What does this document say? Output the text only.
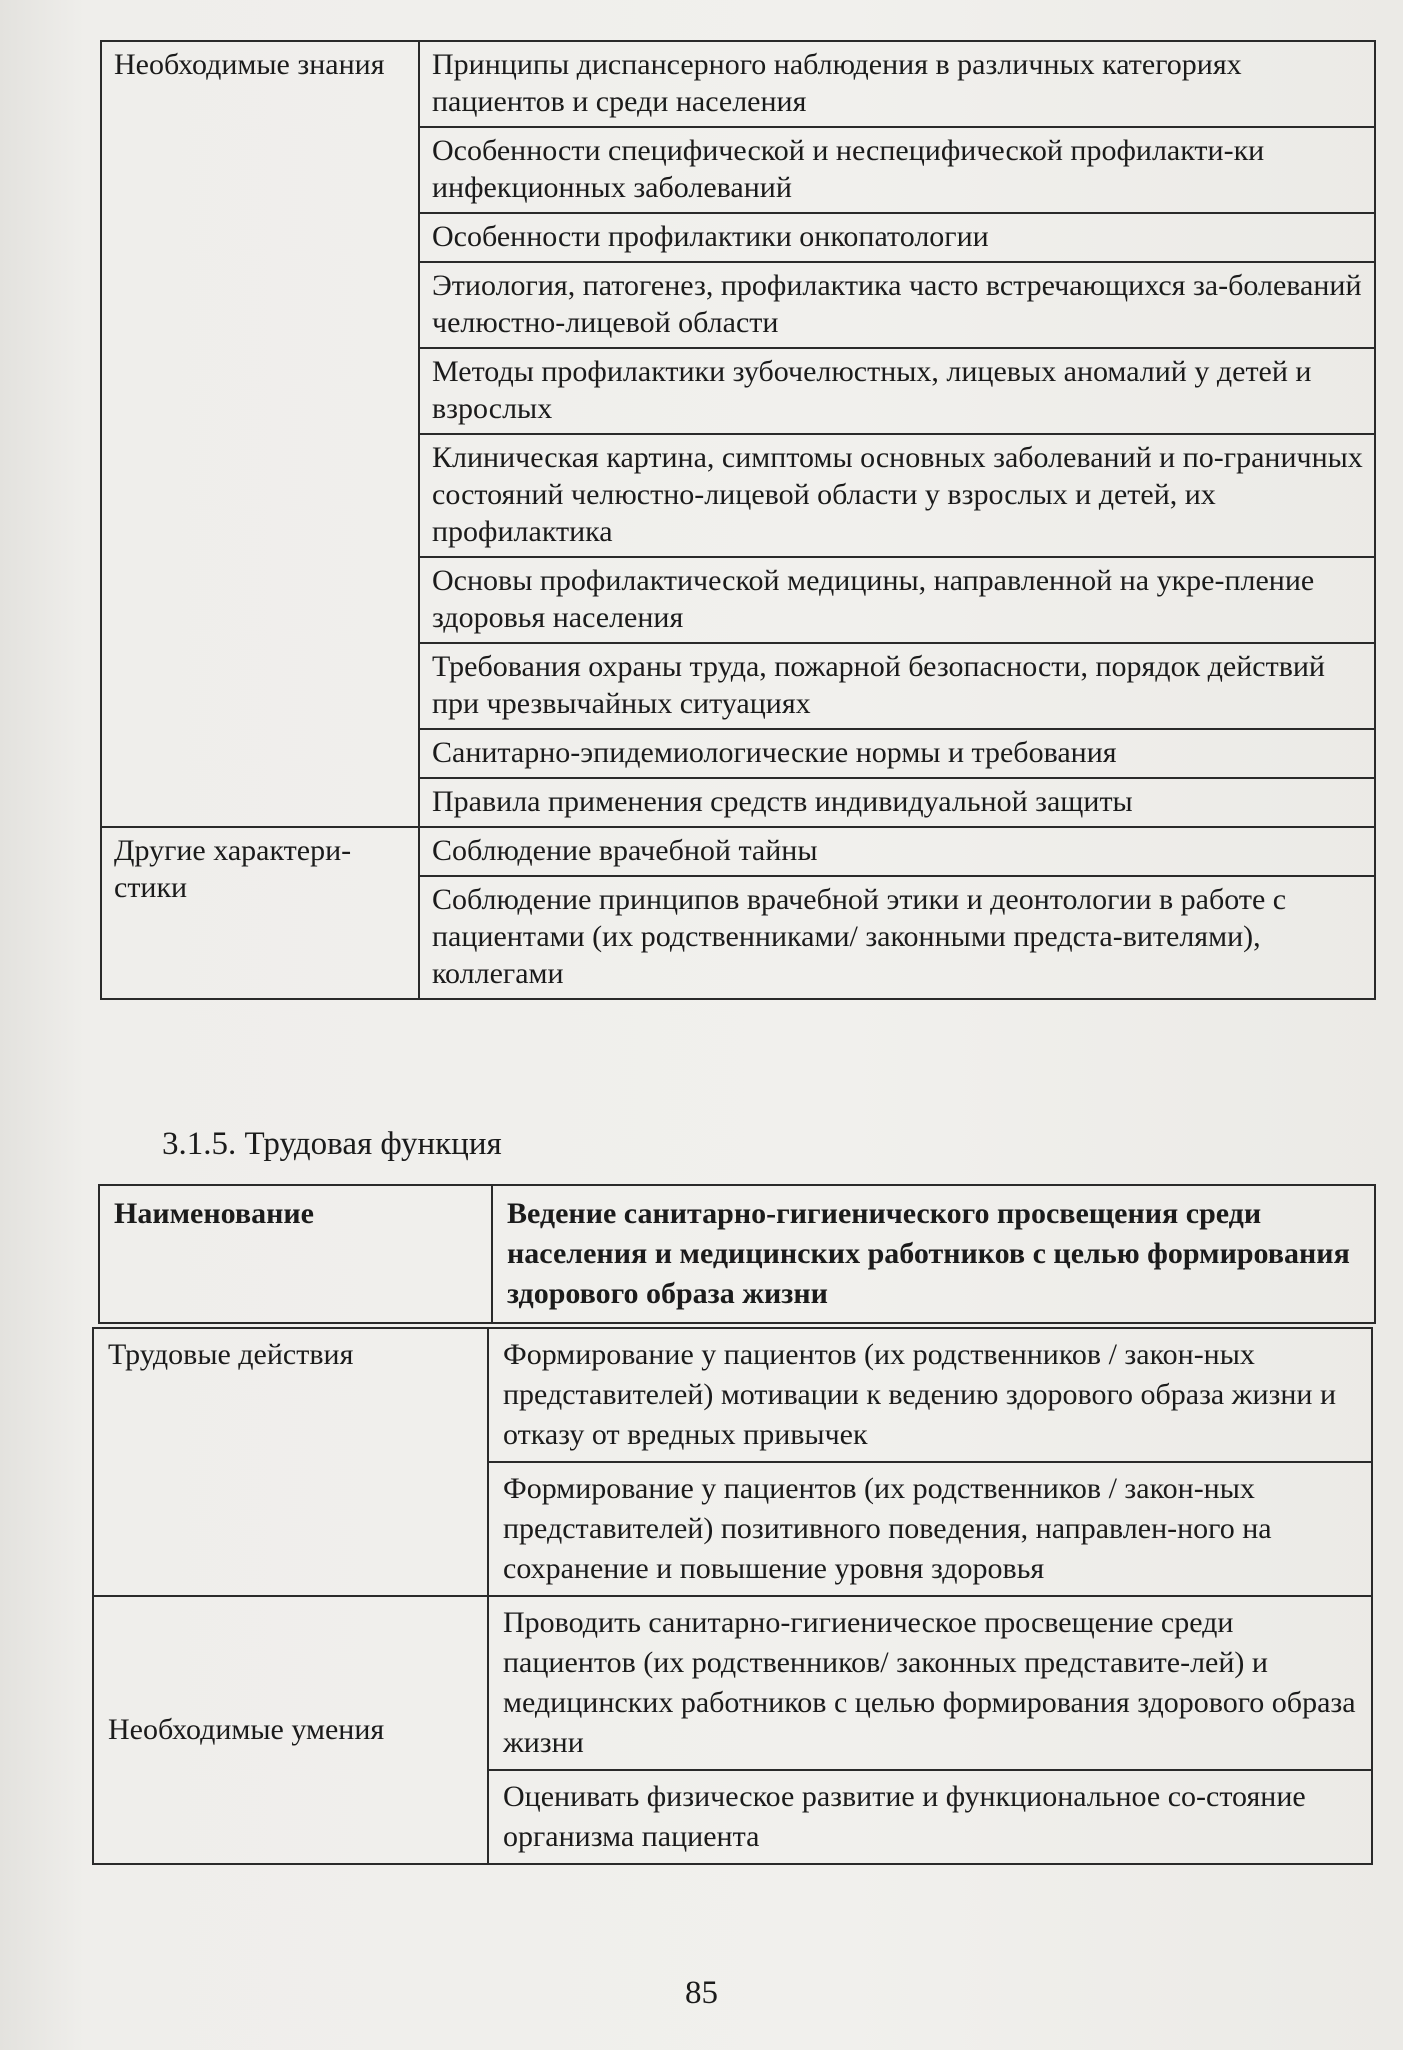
Необходимые знания	Принципы диспансерного наблюдения в различных категориях пациентов и среди населения
	Особенности специфической и неспецифической профилакти-ки инфекционных заболеваний
	Особенности профилактики онкопатологии
	Этиология, патогенез, профилактика часто встречающихся за-болеваний челюстно-лицевой области
	Методы профилактики зубочелюстных, лицевых аномалий у детей и взрослых
	Клиническая картина, симптомы основных заболеваний и по-граничных состояний челюстно-лицевой области у взрослых и детей, их профилактика
	Основы профилактической медицины, направленной на укре-пление здоровья населения
	Требования охраны труда, пожарной безопасности, порядок действий при чрезвычайных ситуациях
	Санитарно-эпидемиологические нормы и требования
	Правила применения средств индивидуальной защиты
Другие характери-стики	Соблюдение врачебной тайны
	Соблюдение принципов врачебной этики и деонтологии в работе с пациентами (их родственниками/ законными предста-вителями), коллегами
3.1.5. Трудовая функция
Наименование	Ведение санитарно-гигиенического просвещения среди населения и медицинских работников с целью формирования здорового образа жизни
Трудовые действия	Формирование у пациентов (их родственников / закон-ных представителей) мотивации к ведению здорового образа жизни и отказу от вредных привычек
	Формирование у пациентов (их родственников / закон-ных представителей) позитивного поведения, направлен-ного на сохранение и повышение уровня здоровья
Необходимые умения	Проводить санитарно-гигиеническое просвещение среди пациентов (их родственников/ законных представите-лей) и медицинских работников с целью формирования здорового образа жизни
	Оценивать физическое развитие и функциональное со-стояние организма пациента
85
